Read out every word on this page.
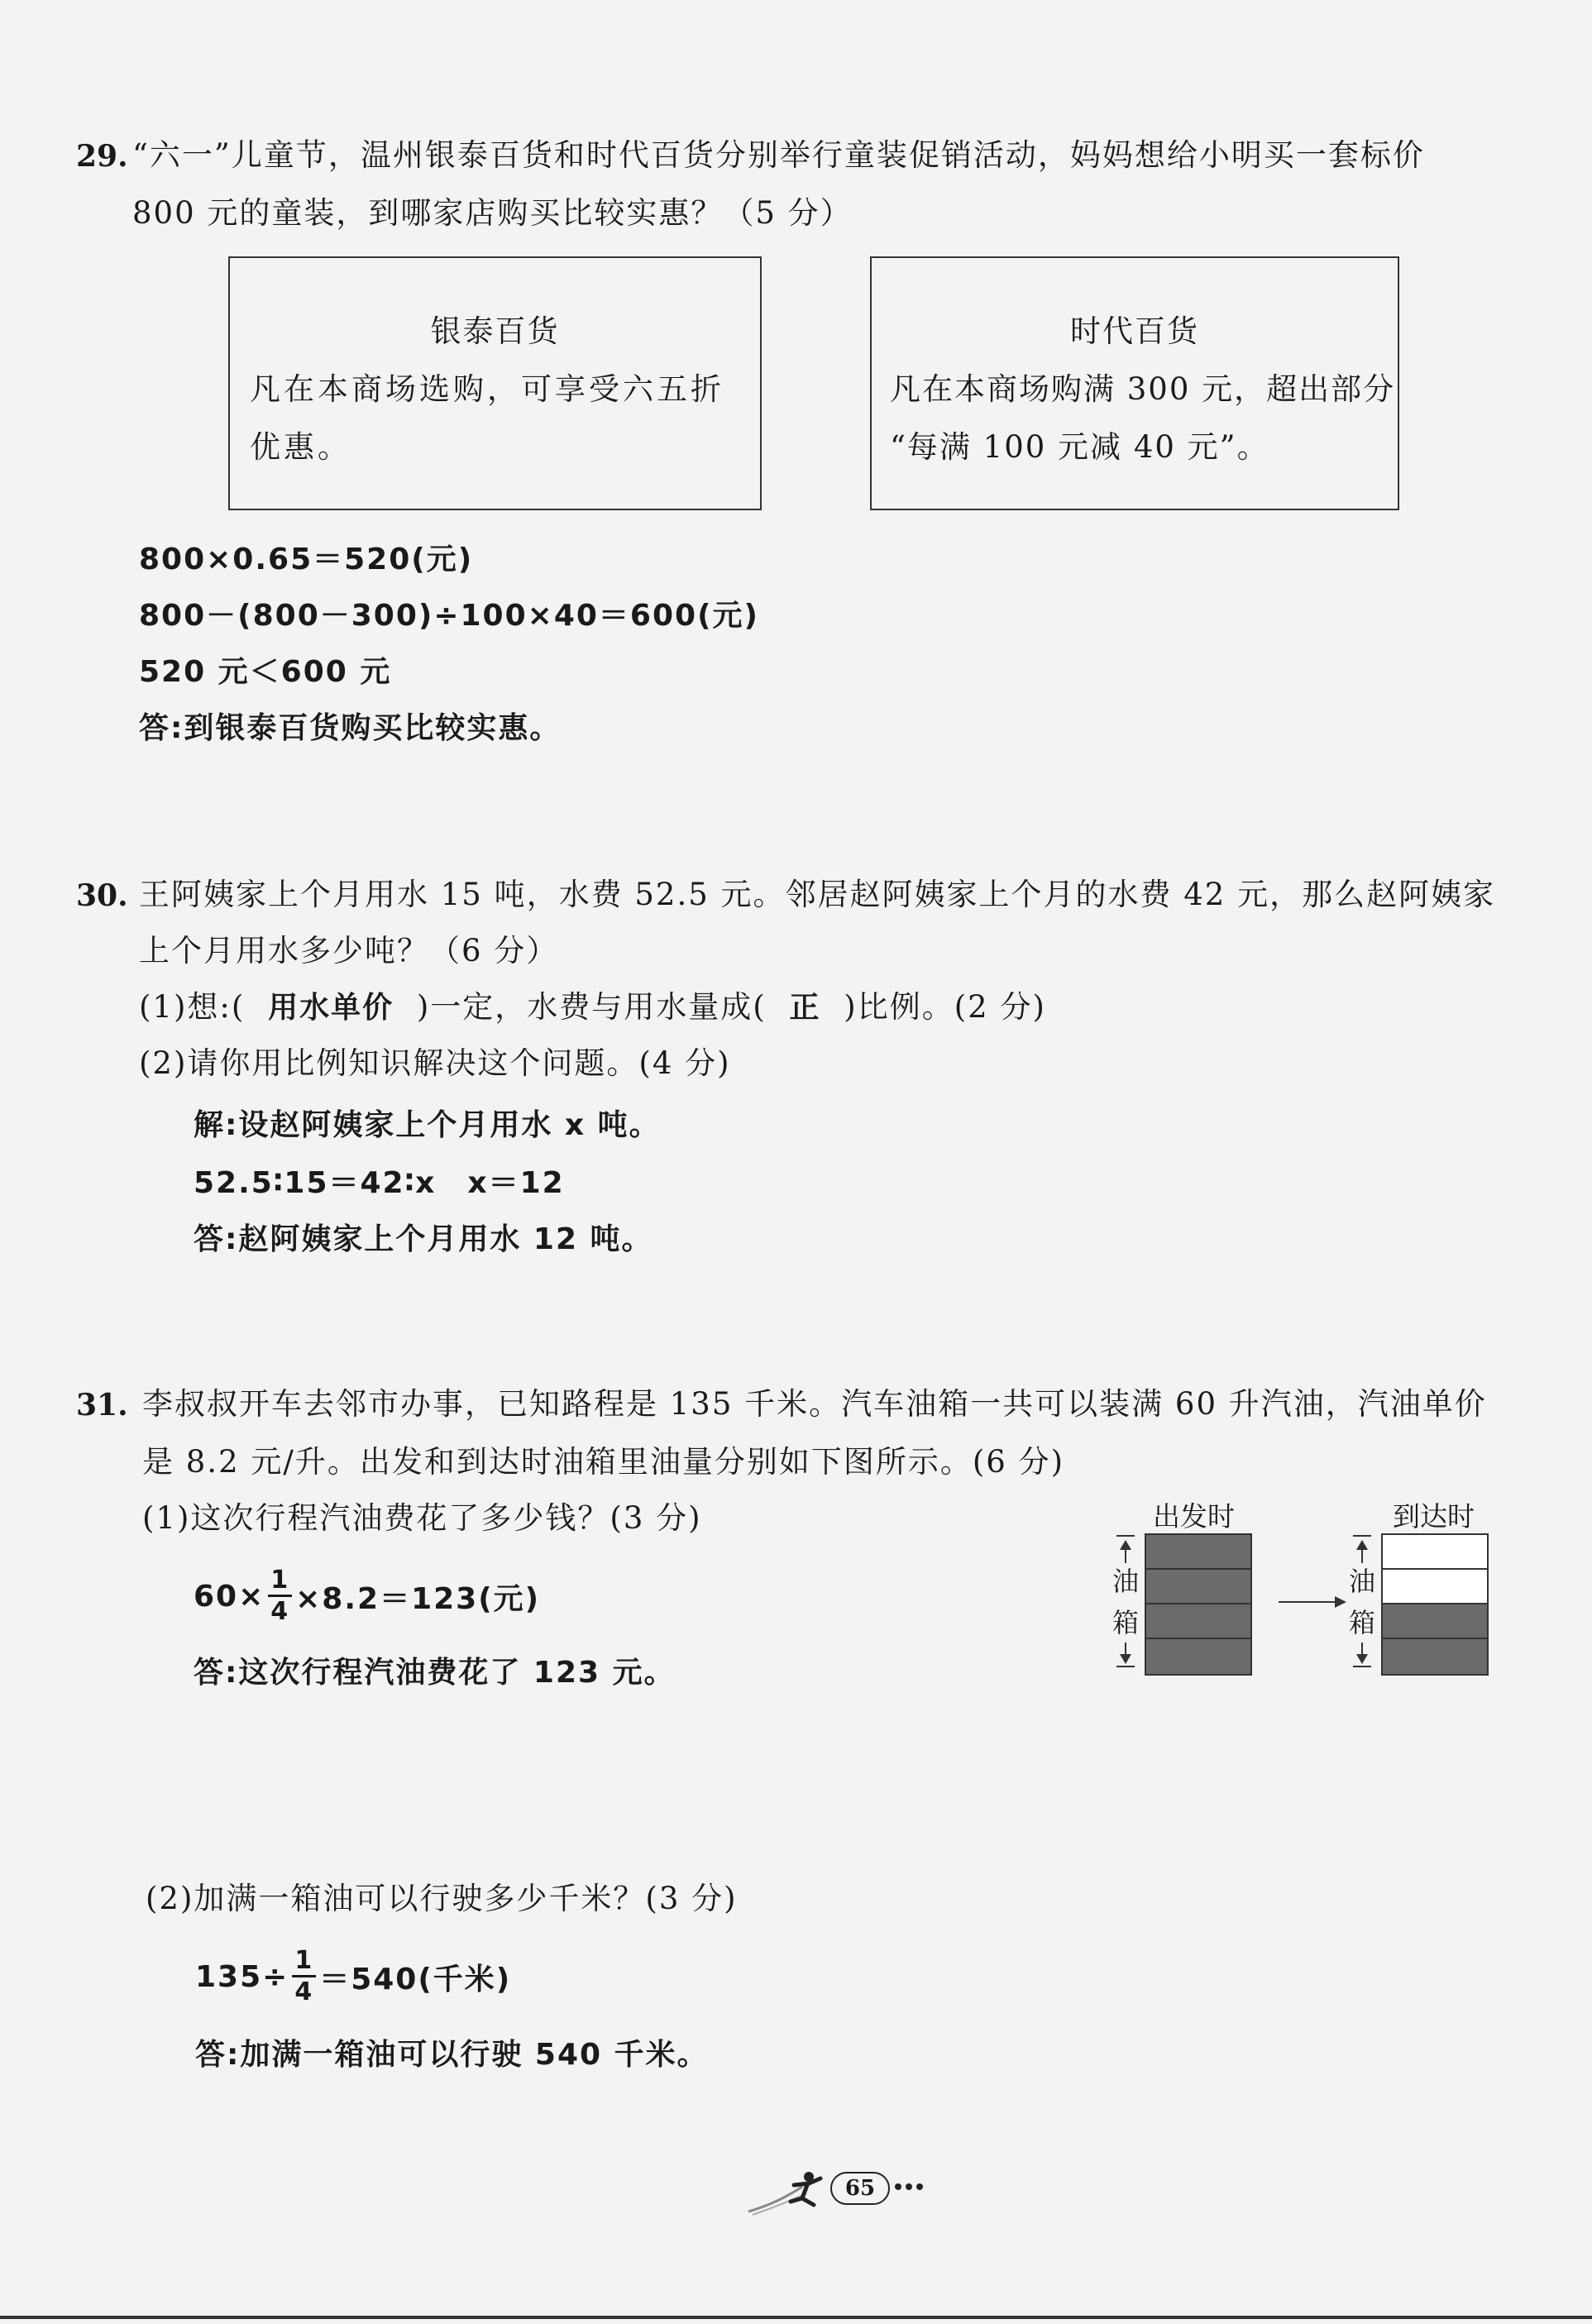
29. “六一”儿童节，温州银泰百货和时代百货分别举行童装促销活动，妈妈想给小明买一套标价
800 元的童装，到哪家店购买比较实惠？（5 分）
银泰百货
凡在本商场选购，可享受六五折
优惠。
时代百货
凡在本商场购满 300 元，超出部分
“每满 100 元减 40 元”。
800×0.65＝520(元)
800－(800－300)÷100×40＝600(元)
520 元＜600 元
答:到银泰百货购买比较实惠。
30. 王阿姨家上个月用水 15 吨，水费 52.5 元。邻居赵阿姨家上个月的水费 42 元，那么赵阿姨家
上个月用水多少吨？（6 分）
(1)想:( 用水单价 )一定，水费与用水量成( 正 )比例。(2 分)
(2)请你用比例知识解决这个问题。(4 分)
解:设赵阿姨家上个月用水 x 吨。
52.5∶15＝42∶x　x＝12
答:赵阿姨家上个月用水 12 吨。
31. 李叔叔开车去邻市办事，已知路程是 135 千米。汽车油箱一共可以装满 60 升汽油，汽油单价
是 8.2 元/升。出发和到达时油箱里油量分别如下图所示。(6 分)
(1)这次行程汽油费花了多少钱？(3 分)
$60\times \frac{1}{4} \times 8.2=123$(元)
答:这次行程汽油费花了 123 元。
出发时
油
箱
到达时
油
箱
(2)加满一箱油可以行驶多少千米？(3 分)
$135\div \frac{1}{4} =540$(千米)
答:加满一箱油可以行驶 540 千米。
65
